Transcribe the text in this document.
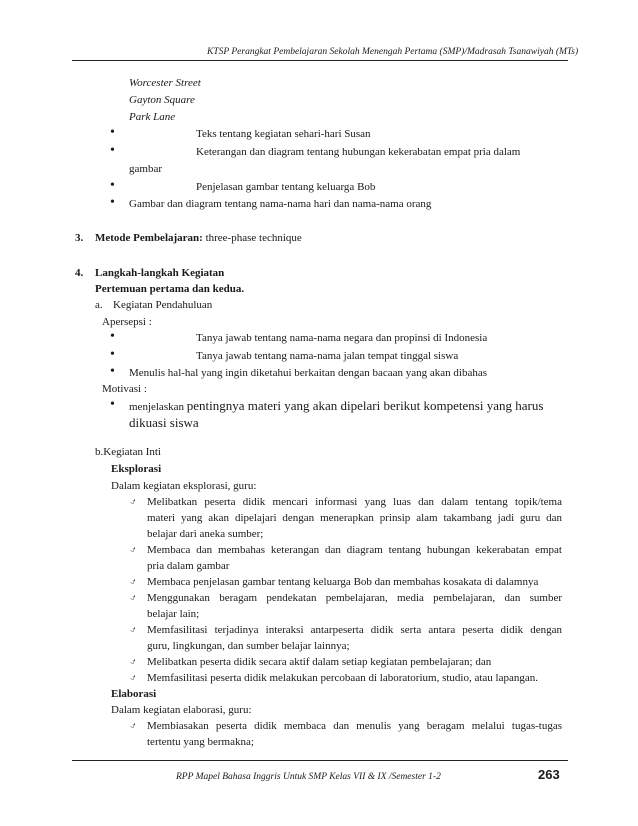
KTSP Perangkat Pembelajaran Sekolah Menengah Pertama (SMP)/Madrasah Tsanawiyah (MTs)
Worcester Street
Gayton Square
Park Lane
•	Teks tentang kegiatan sehari-hari Susan
•	Keterangan dan diagram tentang hubungan kekerabatan empat pria dalam
gambar
•	Penjelasan gambar tentang keluarga Bob
• Gambar dan diagram tentang nama-nama hari dan nama-nama orang
3. Metode Pembelajaran: three-phase technique
4. Langkah-langkah Kegiatan
Pertemuan pertama dan kedua.
a. Kegiatan Pendahuluan
Apersepsi :
•	Tanya jawab tentang nama-nama negara dan propinsi di Indonesia
•	Tanya jawab tentang nama-nama jalan tempat tinggal siswa
• Menulis hal-hal yang ingin diketahui berkaitan dengan bacaan yang akan dibahas
Motivasi :
• menjelaskan pentingnya materi yang akan dipelari berikut kompetensi yang harus
dikuasi siswa
b.Kegiatan Inti
Eksplorasi
Dalam kegiatan eksplorasi, guru:
⍻ Melibatkan peserta didik mencari informasi yang luas dan dalam tentang topik/tema
materi yang akan dipelajari dengan menerapkan prinsip alam takambang jadi guru dan
belajar dari aneka sumber;
⍻ Membaca dan membahas keterangan dan diagram tentang hubungan kekerabatan empat
pria dalam gambar
⍻ Membaca penjelasan gambar tentang keluarga Bob dan membahas kosakata di dalamnya
⍻ Menggunakan beragam pendekatan pembelajaran, media pembelajaran, dan sumber
belajar lain;
⍻ Memfasilitasi terjadinya interaksi antarpeserta didik serta antara peserta didik dengan
guru, lingkungan, dan sumber belajar lainnya;
⍻ Melibatkan peserta didik secara aktif dalam setiap kegiatan pembelajaran; dan
⍻ Memfasilitasi peserta didik melakukan percobaan di laboratorium, studio, atau lapangan.
Elaborasi
Dalam kegiatan elaborasi, guru:
⍻ Membiasakan peserta didik membaca dan menulis yang beragam melalui tugas-tugas
tertentu yang bermakna;
RPP Mapel Bahasa Inggris Untuk SMP Kelas VII & IX /Semester 1-2	263
